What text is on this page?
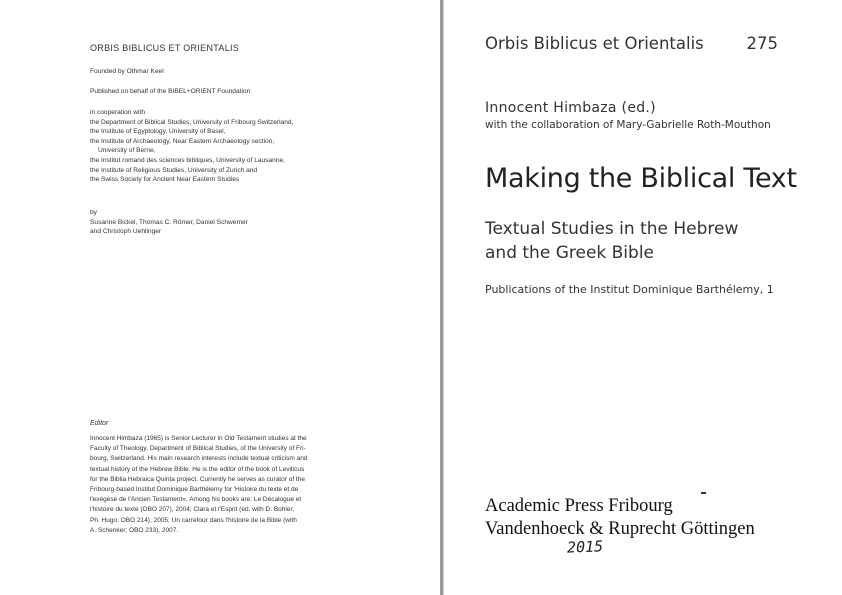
ORBIS BIBLICUS ET ORIENTALIS
Founded by Othmar Keel
Published on behalf of the BIBEL+ORIENT Foundation
in cooperation with
the Department of Biblical Studies, University of Fribourg Switzerland,
the Institute of Egyptology, University of Basel,
the Institute of Archaeology, Near Eastern Archaeology section,
University of Berne,
the Institut romand des sciences bibliques, University of Lausanne,
the Institute of Religious Studies, University of Zurich and
the Swiss Society for Ancient Near Eastern Studies
by
Susanne Bickel, Thomas C. Römer, Daniel Schwemer
and Christoph Uehlinger
Editor
Innocent Himbaza (1965) is Senior Lecturer in Old Testament studies at the
Faculty of Theology, Department of Biblical Studies, of the University of Fri-
bourg, Switzerland. His main research interests include textual criticism and
textual history of the Hebrew Bible. He is the editor of the book of Leviticus
for the Biblia Hebraica Quinta project. Currently he serves as curator of the
Fribourg-based Institut Dominique Barthélemy for 'Histoire du texte et de
l'exégèse de l'Ancien Testament». Among his books are: Le Décalogue et
l'histoire du texte (OBO 207), 2004; Clara et l'Esprit (ed. with D. Bohler,
Ph. Hugo; OBO 214), 2005; Un carrefour dans l'histoire de la Bible (with
A. Schenker; OBO 233), 2007.
Orbis Biblicus et Orientalis	275
Innocent Himbaza (ed.)
with the collaboration of Mary-Gabrielle Roth-Mouthon
Making the Biblical Text
Textual Studies in the Hebrew
and the Greek Bible
Publications of the Institut Dominique Barthélemy, 1
Academic Press Fribourg
Vandenhoeck & Ruprecht Göttingen
2015
